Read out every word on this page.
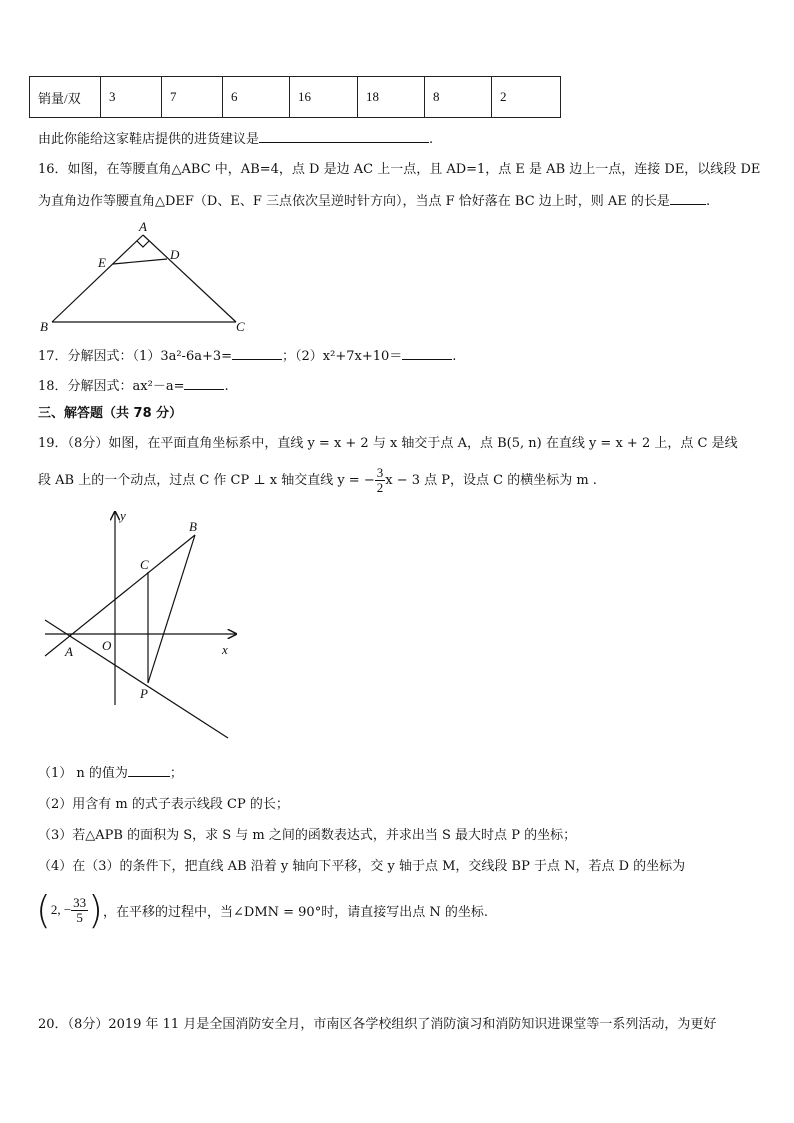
销量/双	3	7	6	16	18	8	2
由此你能给这家鞋店提供的进货建议是	.
16．如图，在等腰直角△ABC 中，AB=4，点 D 是边 AC 上一点，且 AD=1，点 E 是 AB 边上一点，连接 DE，以线段 DE
为直角边作等腰直角△DEF（D、E、F 三点依次呈逆时针方向），当点 F 恰好落在 BC 边上时，则 AE 的长是	.
A
B	C
D
E
17．分解因式：（1）3a²-6a+3=	；（2）x²+7x+10＝	.
18．分解因式：ax²－a=	.
三、解答题（共 78 分）
19．（8分）如图，在平面直角坐标系中，直线 y = x + 2 与 x 轴交于点 A，点 B(5, n) 在直线 y = x + 2 上，点 C 是线
段 AB 上的一个动点，过点 C 作 CP ⊥ x 轴交直线 y = − $\frac{3}{2}$ x − 3 点 P，设点 C 的横坐标为 m .
y
x
A O
B
C
P
（1） n 的值为	；
（2）用含有 m 的式子表示线段 CP 的长；
（3）若△APB 的面积为 S，求 S 与 m 之间的函数表达式，并求出当 S 最大时点 P 的坐标；
（4）在（3）的条件下，把直线 AB 沿着 y 轴向下平移，交 y 轴于点 M，交线段 BP 于点 N，若点 D 的坐标为
( 2, − $\frac{33}{5}$ ) ，在平移的过程中，当∠DMN = 90°时，请直接写出点 N 的坐标.
20．（8分）2019 年 11 月是全国消防安全月，市南区各学校组织了消防演习和消防知识进课堂等一系列活动，为更好
